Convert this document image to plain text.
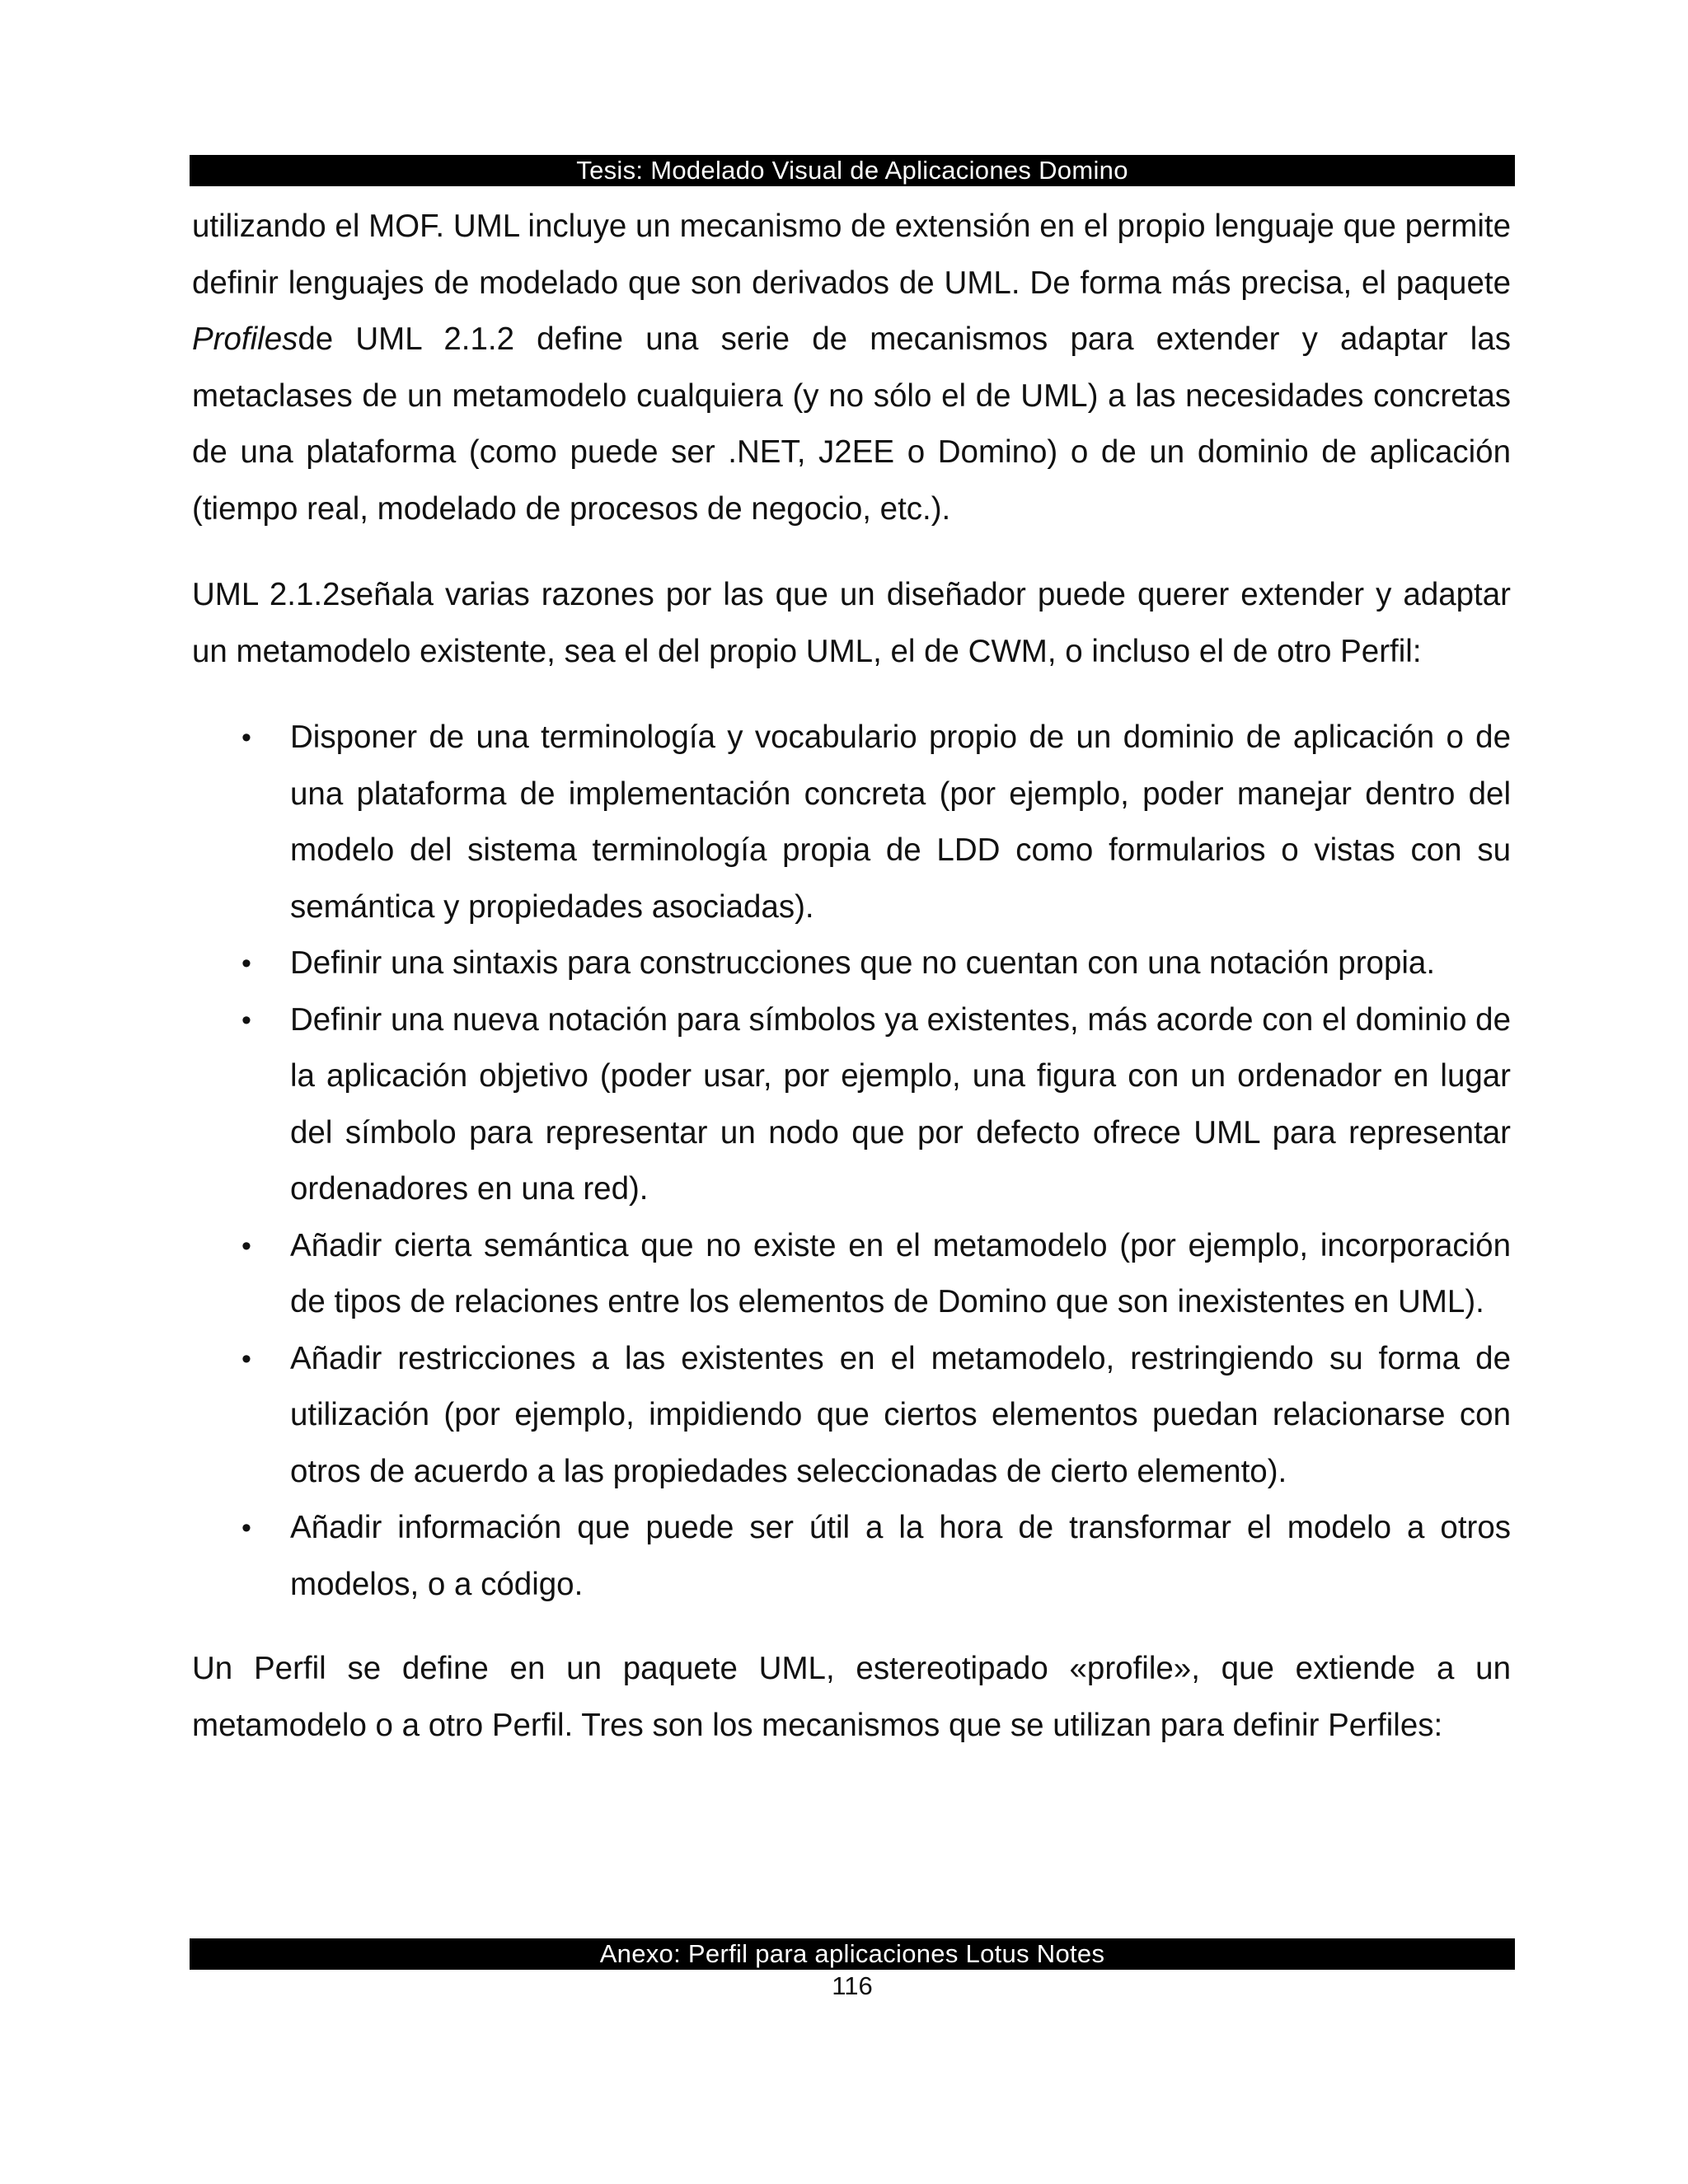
Tesis: Modelado Visual de Aplicaciones Domino

utilizando el MOF. UML incluye un mecanismo de extensión en el propio lenguaje que permite definir lenguajes de modelado que son derivados de UML. De forma más precisa, el paquete Profilesde UML 2.1.2 define una serie de mecanismos para extender y adaptar las metaclases de un metamodelo cualquiera (y no sólo el de UML) a las necesidades concretas de una plataforma (como puede ser .NET, J2EE o Domino) o de un dominio de aplicación (tiempo real, modelado de procesos de negocio, etc.).

UML 2.1.2señala varias razones por las que un diseñador puede querer extender y adaptar un metamodelo existente, sea el del propio UML, el de CWM, o incluso el de otro Perfil:

•	Disponer de una terminología y vocabulario propio de un dominio de aplicación o de una plataforma de implementación concreta (por ejemplo, poder manejar dentro del modelo del sistema terminología propia de LDD como formularios o vistas con su semántica y propiedades asociadas).
•	Definir una sintaxis para construcciones que no cuentan con una notación propia.
•	Definir una nueva notación para símbolos ya existentes, más acorde con el dominio de la aplicación objetivo (poder usar, por ejemplo, una figura con un ordenador en lugar del símbolo para representar un nodo que por defecto ofrece UML para representar ordenadores en una red).
•	Añadir cierta semántica que no existe en el metamodelo (por ejemplo, incorporación de tipos de relaciones entre los elementos de Domino que son inexistentes en UML).
•	Añadir restricciones a las existentes en el metamodelo, restringiendo su forma de utilización (por ejemplo, impidiendo que ciertos elementos puedan relacionarse con otros de acuerdo a las propiedades seleccionadas de cierto elemento).
•	Añadir información que puede ser útil a la hora de transformar el modelo a otros modelos, o a código.

Un Perfil se define en un paquete UML, estereotipado «profile», que extiende a un metamodelo o a otro Perfil. Tres son los mecanismos que se utilizan para definir Perfiles:

Anexo: Perfil para aplicaciones Lotus Notes
116
